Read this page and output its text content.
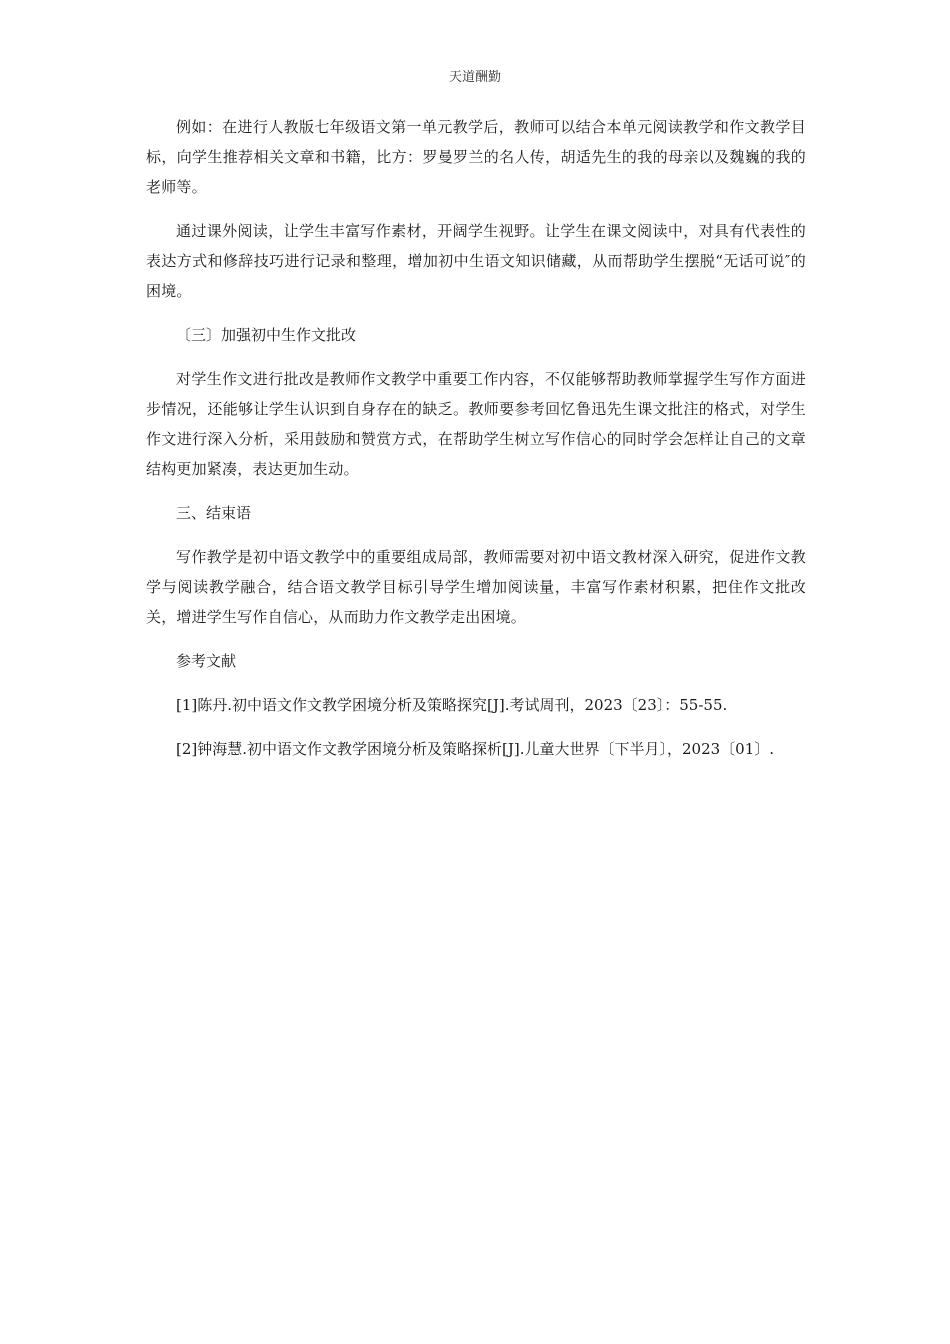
天道酬勤

例如：在进行人教版七年级语文第一单元教学后，教师可以结合本单元阅读教学和作文教学目标，向学生推荐相关文章和书籍，比方：罗曼罗兰的名人传，胡适先生的我的母亲以及魏巍的我的老师等。

通过课外阅读，让学生丰富写作素材，开阔学生视野。让学生在课文阅读中，对具有代表性的表达方式和修辞技巧进行记录和整理，增加初中生语文知识储藏，从而帮助学生摆脱“无话可说″的困境。

〔三〕加强初中生作文批改

对学生作文进行批改是教师作文教学中重要工作内容，不仅能够帮助教师掌握学生写作方面进步情况，还能够让学生认识到自身存在的缺乏。教师要参考回忆鲁迅先生课文批注的格式，对学生作文进行深入分析，采用鼓励和赞赏方式，在帮助学生树立写作信心的同时学会怎样让自己的文章结构更加紧凑，表达更加生动。

三、结束语

写作教学是初中语文教学中的重要组成局部，教师需要对初中语文教材深入研究，促进作文教学与阅读教学融合，结合语文教学目标引导学生增加阅读量，丰富写作素材积累，把住作文批改关，增进学生写作自信心，从而助力作文教学走出困境。

参考文献

[1]陈丹.初中语文作文教学困境分析及策略探究[J].考试周刊，2023〔23〕：55-55.

[2]钟海慧.初中语文作文教学困境分析及策略探析[J].儿童大世界〔下半月〕，2023〔01〕.
